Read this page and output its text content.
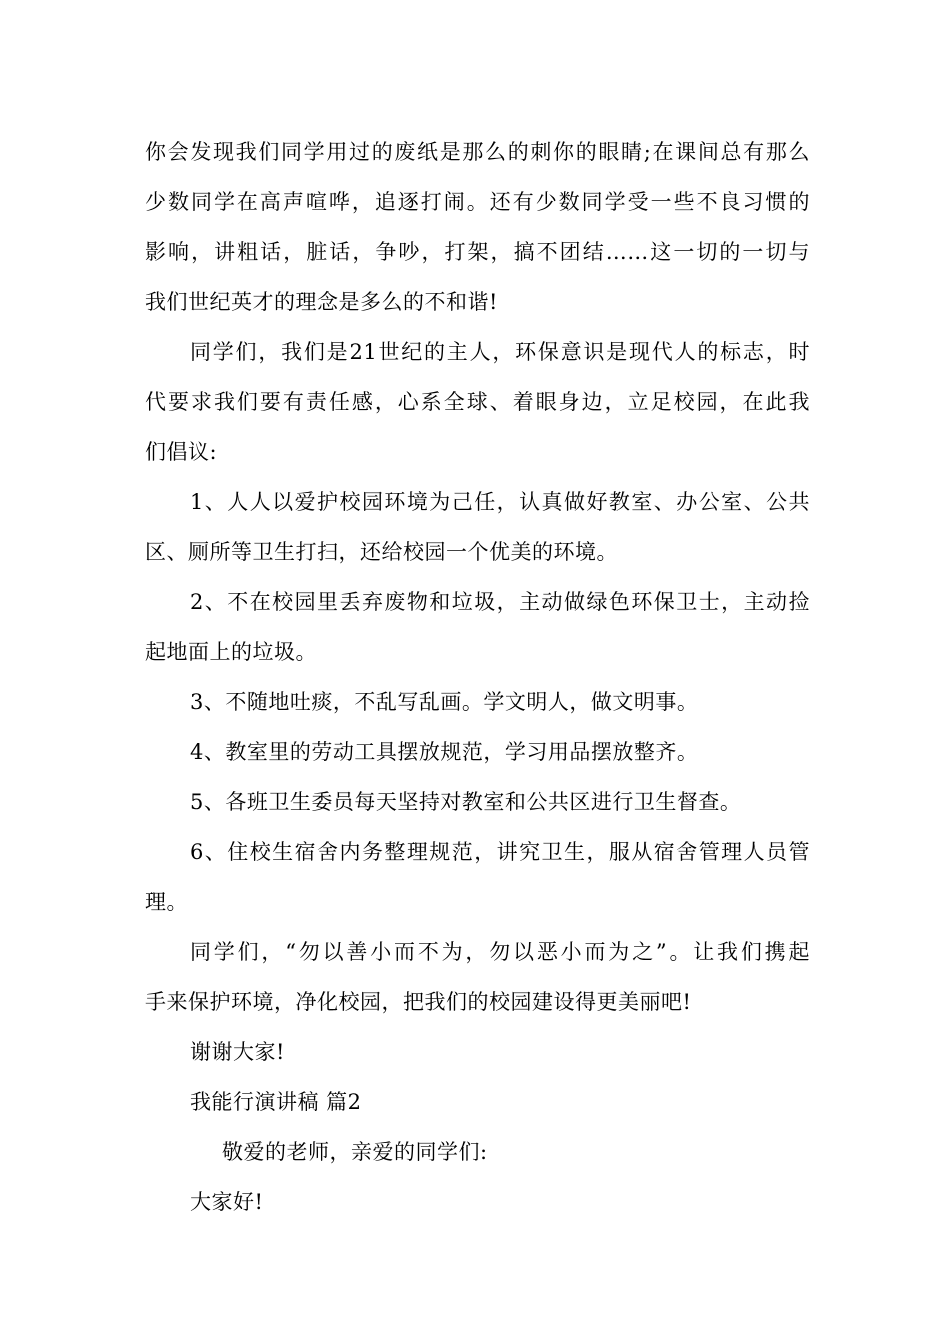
你会发现我们同学用过的废纸是那么的刺你的眼睛;在课间总有那么
少数同学在高声喧哗，追逐打闹。还有少数同学受一些不良习惯的
影响，讲粗话，脏话，争吵，打架，搞不团结……这一切的一切与
我们世纪英才的理念是多么的不和谐!
同学们，我们是21世纪的主人，环保意识是现代人的标志，时
代要求我们要有责任感，心系全球、着眼身边，立足校园，在此我
们倡议:
1、人人以爱护校园环境为己任，认真做好教室、办公室、公共
区、厕所等卫生打扫，还给校园一个优美的环境。
2、不在校园里丢弃废物和垃圾，主动做绿色环保卫士，主动捡
起地面上的垃圾。
3、不随地吐痰，不乱写乱画。学文明人，做文明事。
4、教室里的劳动工具摆放规范，学习用品摆放整齐。
5、各班卫生委员每天坚持对教室和公共区进行卫生督查。
6、住校生宿舍内务整理规范，讲究卫生，服从宿舍管理人员管
理。
同学们，“勿以善小而不为，勿以恶小而为之”。让我们携起
手来保护环境，净化校园，把我们的校园建设得更美丽吧!
谢谢大家!
我能行演讲稿 篇2
敬爱的老师，亲爱的同学们:
大家好!
